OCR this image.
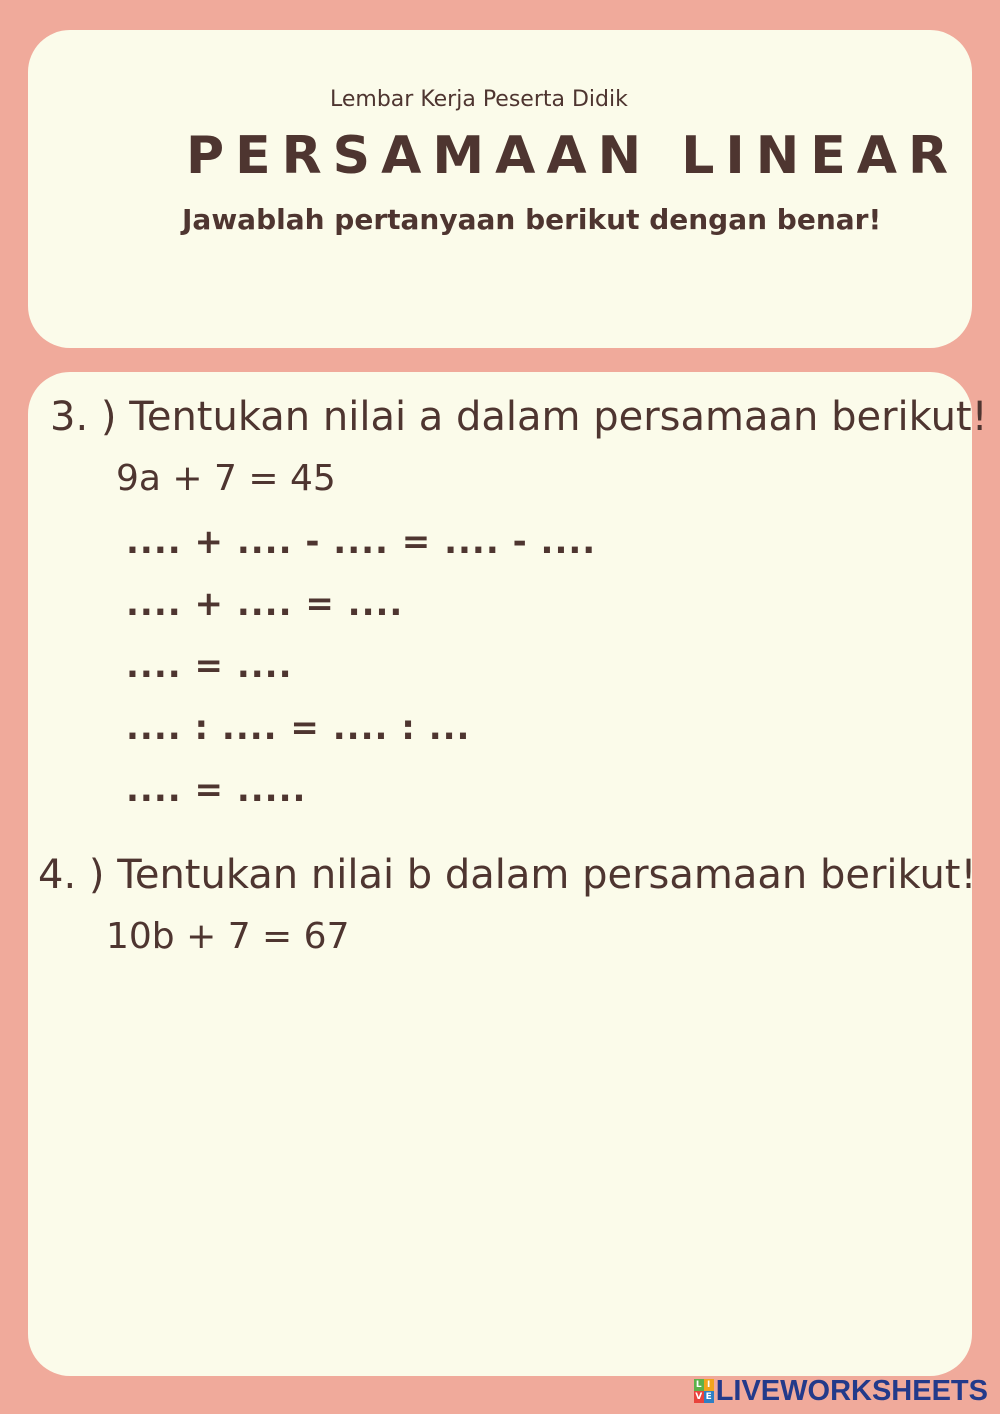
Lembar Kerja Peserta Didik

PERSAMAAN LINEAR

Jawablah pertanyaan berikut dengan benar!

3. ) Tentukan nilai a dalam persamaan berikut!

9a + 7 = 45

.... + .... - .... = .... - ....

.... + .... = ....

.... = ....

.... : .... = .... : ...

.... = .....

4. ) Tentukan nilai b dalam persamaan berikut!

10b + 7 = 67

L I
V E LIVEWORKSHEETS
